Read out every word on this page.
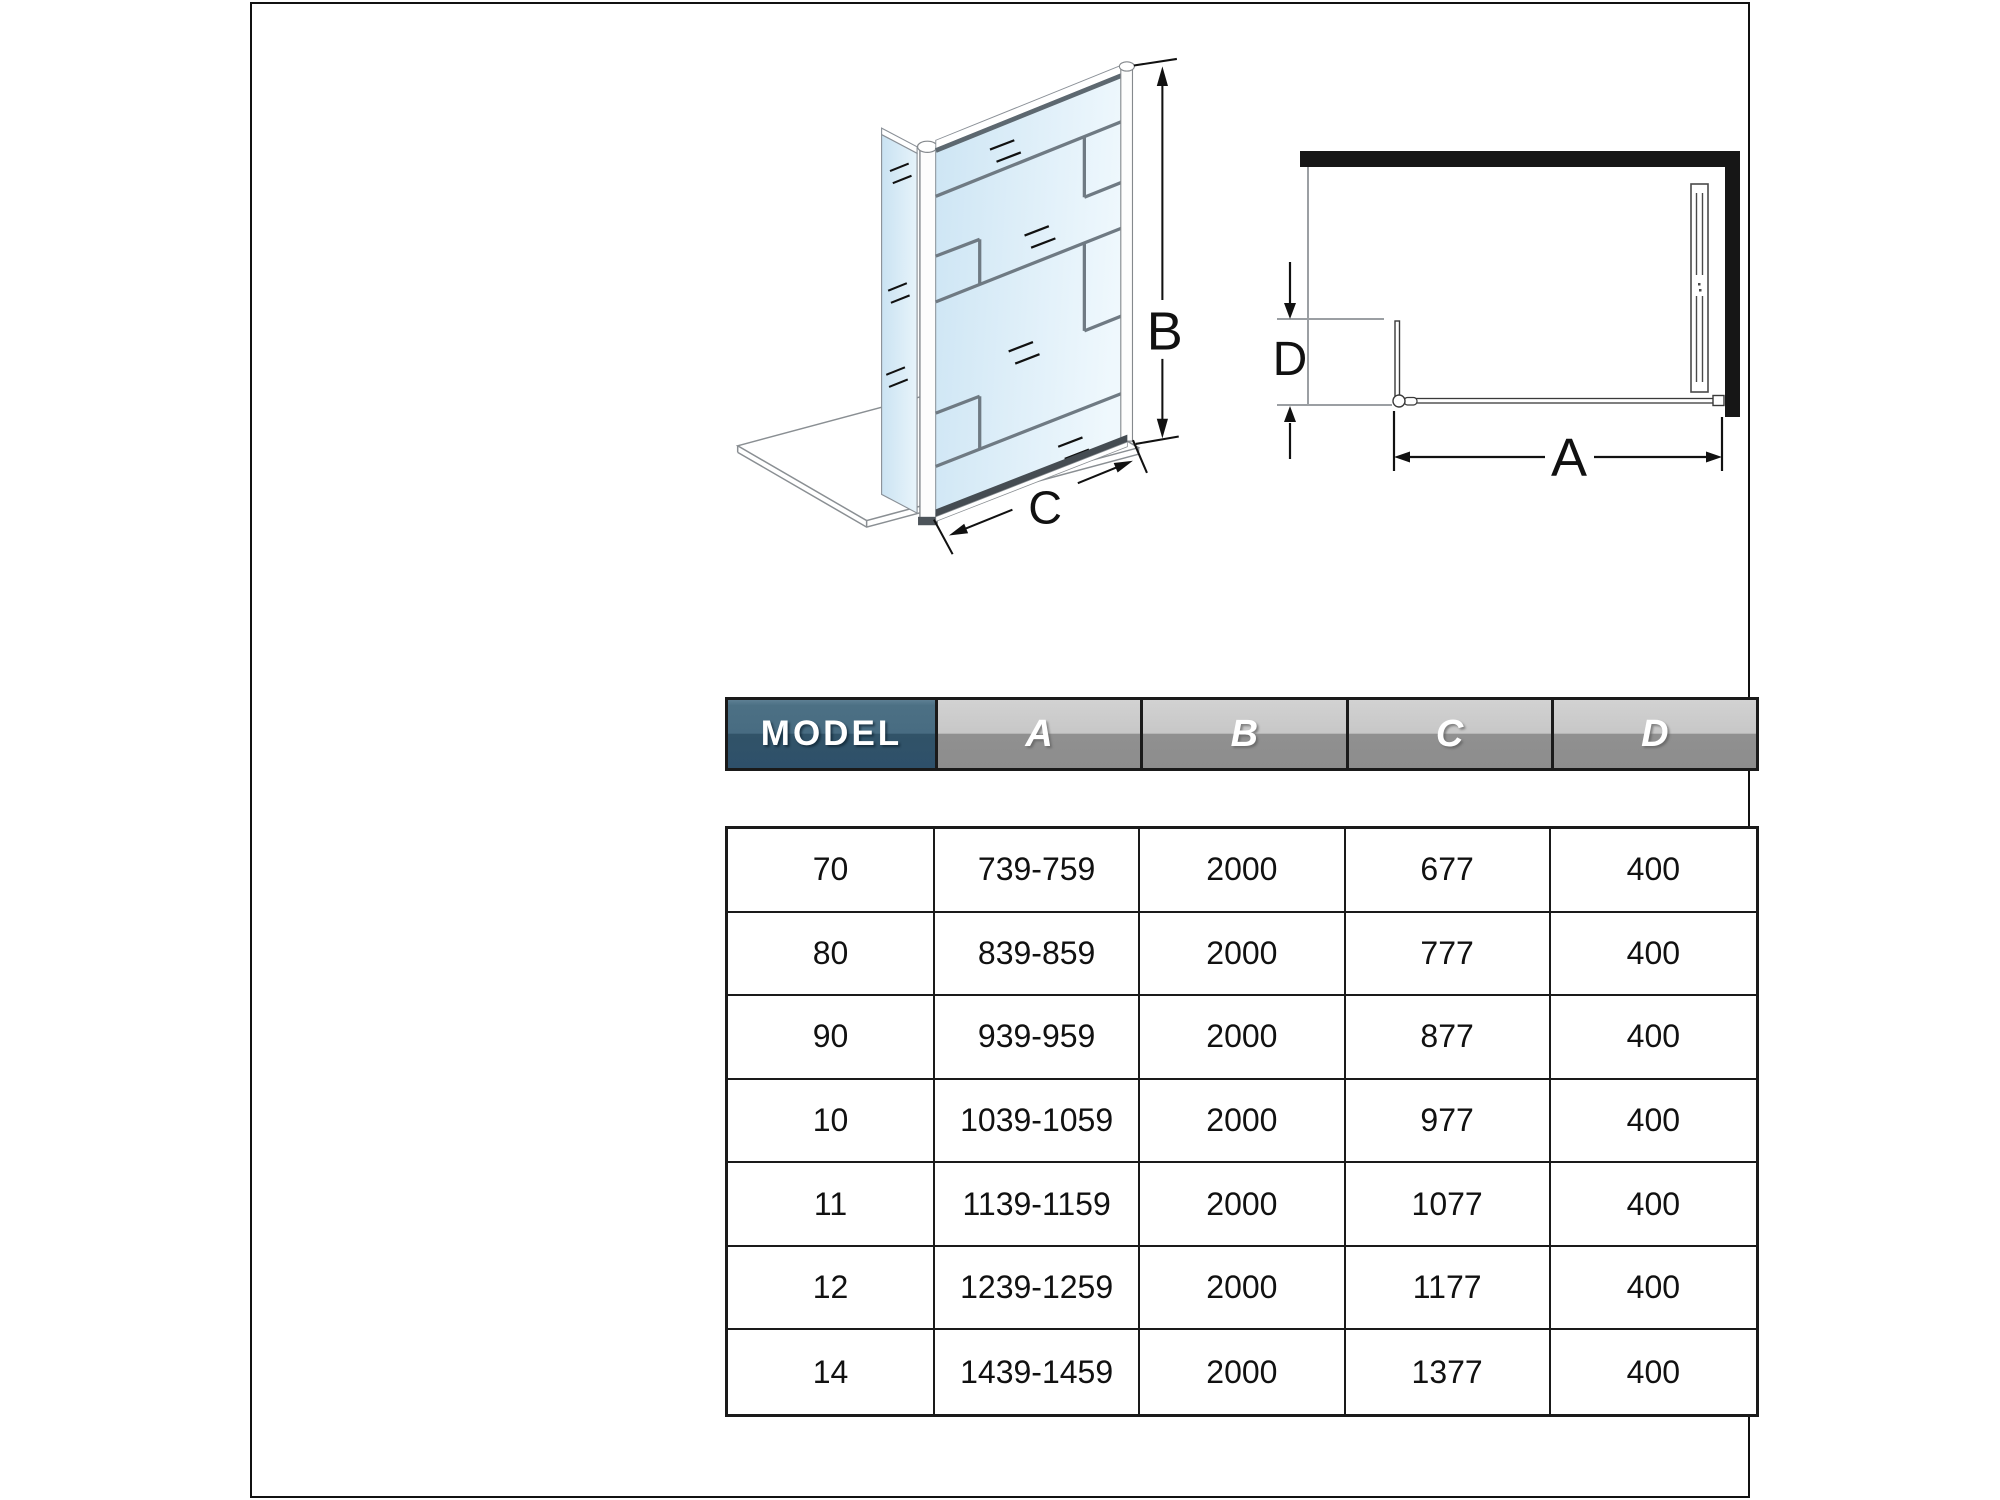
B
C
D
A
MODEL	A	B	C	D
70	739-759	2000	677	400
80	839-859	2000	777	400
90	939-959	2000	877	400
10	1039-1059	2000	977	400
11	1139-1159	2000	1077	400
12	1239-1259	2000	1177	400
14	1439-1459	2000	1377	400
